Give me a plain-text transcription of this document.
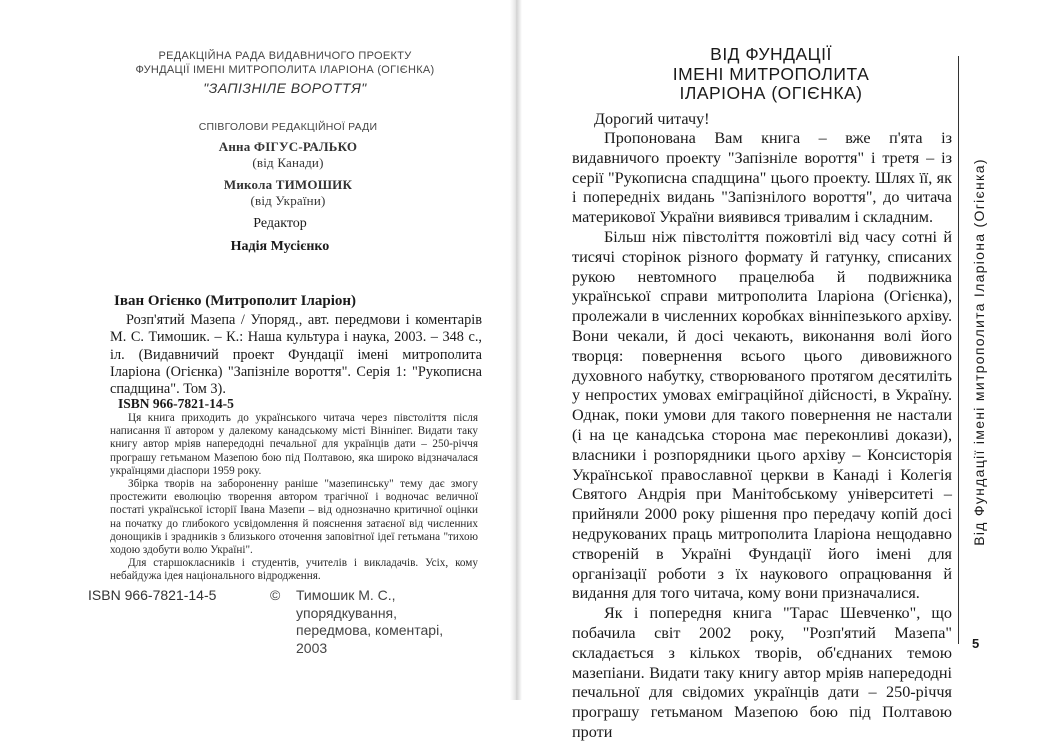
РЕДАКЦІЙНА РАДА ВИДАВНИЧОГО ПРОЕКТУ

ФУНДАЦІЇ ІМЕНІ МИТРОПОЛИТА ІЛАРІОНА (ОГІЄНКА)

"ЗАПІЗНІЛЕ ВОРОТТЯ"

СПІВГОЛОВИ РЕДАКЦІЙНОЇ РАДИ
Анна ФІГУС-РАЛЬКО
(від Канади)
Микола ТИМОШИК
(від України)

Редактор

Надія Мусієнко

Іван Огієнко (Митрополит Іларіон)

Розп'ятий Мазепа / Упоряд., авт. передмови і коментарів М. С. Тимошик. – К.: Наша культура і наука, 2003. – 348 с., іл. (Видавничий проект Фундації імені митрополита Іларіона (Огієнка) "Запізніле вороття". Серія 1: "Рукописна спадщина". Том 3).

ISBN 966-7821-14-5

Ця книга приходить до українського читача через півстоліття після написання її автором у далекому канадському місті Вінніпег. Видати таку книгу автор мріяв напередодні печальної для українців дати – 250-річчя програшу гетьманом Мазепою бою під Полтавою, яка широко відзначалася українцями діаспори 1959 року.

Збірка творів на забороненну раніше "мазепинську" тему дає змогу простежити еволюцію творення автором трагічної і водночас величної постаті української історії Івана Мазепи – від однозначно критичної оцінки на початку до глибокого усвідомлення й пояснення затаєної від численних донощиків і зрадників з близького оточення заповітної ідеї гетьмана "тихою ходою здобути волю Україні".

Для старшокласників і студентів, учителів і викладачів. Усіх, кому небайдужа ідея національного відродження.

ISBN 966-7821-14-5	© Тимошик М. С.,
упорядкування,
передмова, коментарі,
2003
ВІД ФУНДАЦІЇ
ІМЕНІ МИТРОПОЛИТА
ІЛАРІОНА (ОГІЄНКА)

Дорогий читачу!

Пропонована Вам книга – вже п'ята із видавничого проекту "Запізніле вороття" і третя – із серії "Рукописна спадщина" цього проекту. Шлях її, як і попередніх видань "Запізнілого вороття", до читача материкової України виявився тривалим і складним.

Більш ніж півстоліття пожовтілі від часу сотні й тисячі сторінок різного формату й гатунку, списаних рукою невтомного працелюба й подвижника української справи митрополита Іларіона (Огієнка), пролежали в численних коробках вінніпезького архіву. Вони чекали, й досі чекають, виконання волі його творця: повернення всього цього дивовижного духовного набутку, створюваного протягом десятиліть у непростих умовах еміграційної дійсності, в Україну. Однак, поки умови для такого повернення не настали (і на це канадська сторона має переконливі докази), власники і розпорядники цього архіву – Консисторія Української православної церкви в Канаді і Колегія Святого Андрія при Манітобському університеті – прийняли 2000 року рішення про передачу копій досі недрукованих праць митрополита Іларіона нещодавно створеній в Україні Фундації його імені для організації роботи з їх наукового опрацювання й видання для того читача, кому вони призначалися.

Як і попередня книга "Тарас Шевченко", що побачила світ 2002 року, "Розп'ятий Мазепа" складається з кількох творів, об'єднаних темою мазепіани. Видати таку книгу автор мріяв напередодні печальної для свідомих українців дати – 250-річчя програшу гетьманом Мазепою бою під Полтавою проти

Від Фундації імені митрополита Іларіона (Огієнка)
5
